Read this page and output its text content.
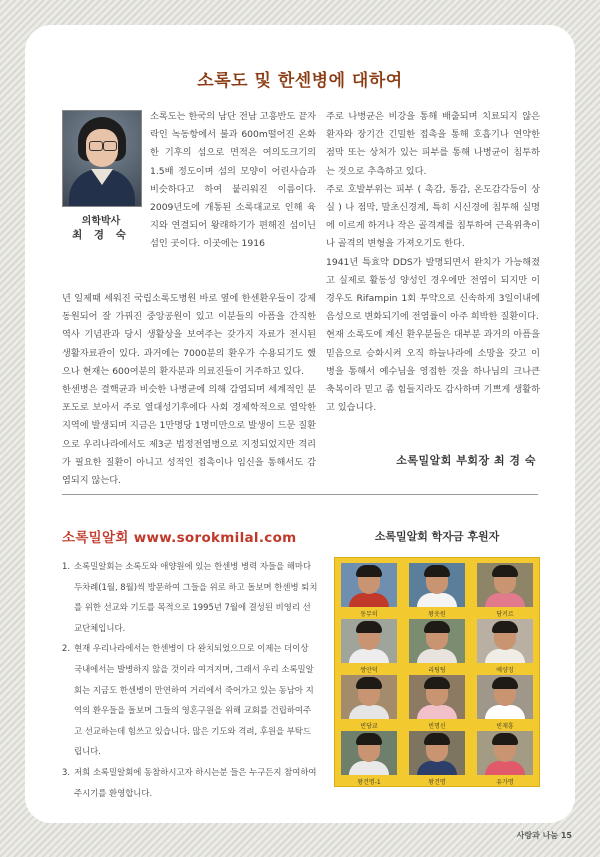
소록도 및 한센병에 대하여
의학박사
최 경 숙

소록도는 한국의 남단 전남 고흥반도 끝자락인 녹동항에서 불과 600m떨어진 온화한 기후의 섬으로 면적은 여의도크기의 1.5배 정도이며 섬의 모양이 어린사슴과 비슷하다고 하여 붙리워진 이름이다. 2009년도에 개통된 소록대교로 인해 육지와 연결되어 왕래하기가 편해진 섬이닌 섬인 곳이다. 이곳에는 1916

년 일제때 세워진 국립소록도병원 바로 옆에 한센환우들이 강제 동원되어 잘 가꿔진 중앙공원이 있고 이분들의 아픔을 간직한 역사 기념관과 당시 생활상을 보여주는 갖가지 자료가 전시된 생활자료관이 있다. 과거에는 7000분의 환우가 수용되기도 했으나 현재는 600여분의 환자분과 의료진들이 거주하고 있다.
한센병은 결핵균과 비슷한 나병균에 의해 감염되며 세계적인 분포도로 보아서 주로 열대성기후에다 사회 경제학적으로 열악한 지역에 발생되며 지금은 1만명당 1명미만으로 발생이 드문 질환으로 우리나라에서도 제3군 법정전염병으로 지정되었지만 격리가 필요한 질환이 아니고 성적인 접촉이나 임신을 통해서도 감염되지 않는다.
주로 나병균은 비강을 통해 배출되며 치료되지 않은 환자와 장기간 긴밀한 접촉을 통해 호흡기나 연약한 점막 또는 상처가 있는 피부를 통해 나병균이 침투하는 것으로 추측하고 있다.
주로 호발부위는 피부 ( 촉감, 통감, 온도감각등이 상실 ) 나 점막, 말초신경계, 특히 시신경에 침투해 실명에 이르게 하거나 작은 골격계를 침투하여 근육위축이나 골격의 변형을 가져오기도 한다.
1941년 특효약 DDS가 발명되면서 완치가 가능해졌고 실제로 활동성 양성인 경우에만 전염이 되지만 이 경우도 Rifampin 1회 투약으로 신속하게 3일이내에 음성으로 변화되기에 전염률이 아주 희박한 질환이다.
현재 소록도에 계신 환우분들은 대부분 과거의 아픔을 믿음으로 승화시켜 오직 하늘나라에 소망을 갖고 이 병을 통해서 예수님을 영접한 것을 하나님의 크나큰 축복이라 믿고 좀 힘들지라도 감사하며 기쁘게 생활하고 있습니다.
소록밀알회 부회장 최 경 숙
소록밀알회 www.sorokmilal.com
1. 소록밀알회는 소록도와 애양원에 있는 한센병 병력 자들을 해마다 두차례(1월, 8월)씩 방문하여 그들을 위로 하고 돌보며 한센병 퇴치를 위한 선교와 기도를 목적으로 1995년 7월에 결성된 비영리 선교단체입니다.
2. 현재 우리나라에서는 한센병이 다 완치되었으므로 이제는 더이상 국내에서는 발병하지 않을 것이라 여겨지며, 그래서 우리 소록밀알회는 지금도 한센병이 만연하여 거리에서 죽어가고 있는 동남아 지역의 환우들을 돌보며 그들의 영혼구원을 위해 교회를 건립하여주고 선교하는데 힘쓰고 있습니다. 많은 기도와 격려, 후원을 부탁드립니다.
3. 저희 소록밀알회에 동참하시고자 하시는분 들은 누구든지 참여하여 주시기를 환영합니다.
소록밀알회 학자금 후원자
동무히	왕웃원	당키르
쌍안덕	리팅팅	예샹징
빈당쿄	빈명신	빈재흥
왕건명-1	왕건명	유가명
사랑과 나눔 15
